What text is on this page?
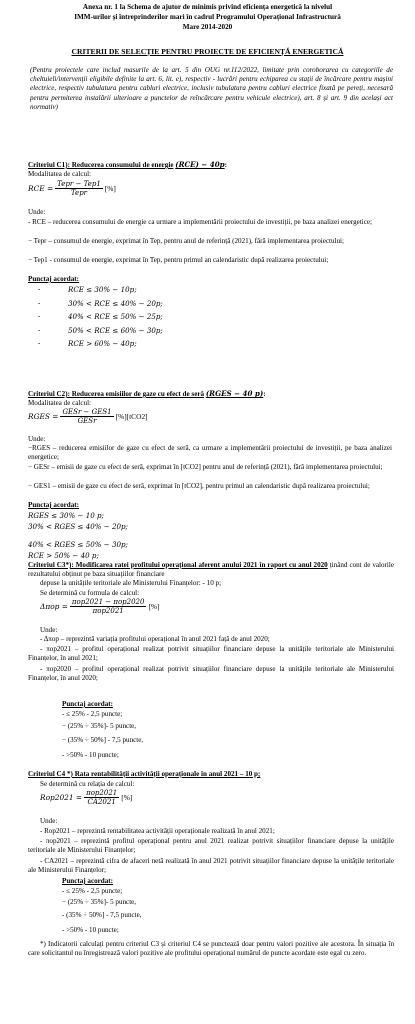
Anexa nr. 1 la Schema de ajutor de minimis privind eficiența energetică la nivelul
IMM-urilor și întreprinderilor mari în cadrul Programului Operațional Infrastructură
Mare 2014-2020
CRITERII DE SELECȚIE PENTRU PROIECTE DE EFICIENȚĂ ENERGETICĂ
(Pentru proiectele care includ masurile de la art. 5 din OUG nr.112/2022, limitate prin coroborarea cu categoriile de cheltuieli/intervenții eligibile definite la art. 6, lit. e), respectiv - lucrări pentru echiparea cu stații de încărcare pentru mașini electrice, respectiv tubulatura pentru cabluri electrice, inclusiv tubulatura pentru cabluri electrice fixată pe pereți, necesară pentru permiterea instalării ulterioare a punctelor de reîncărcare pentru vehicule electrice), art. 8 și art. 9 din același act normativ)
Criteriul C1): Reducerea consumului de energie (RCE) − 40p:
Modalitatea de calcul:
RCE = $\frac{\text{Tepr − Tep1}}{\text{Tepr}}$ [%]
Unde:
- RCE – reducerea consumului de energie ca urmare a implementării proiectului de investiții, pe baza analizei energetice;
− Tepr – consumul de energie, exprimat în Tep, pentru anul de referință (2021), fără implementarea proiectului;
− Tep1 - consumul de energie, exprimat în Tep, pentru primul an calendaristic după realizarea proiectului;
Punctaj acordat:
-	RCE ≤ 30% − 10p;
-	30% < RCE ≤ 40% − 20p;
-	40% < RCE ≤ 50% − 25p;
-	50% < RCE ≤ 60% − 30p;
-	RCE > 60% − 40p;
Criteriul C2): Reducerea emisiilor de gaze cu efect de seră (RGES − 40 p):
Modalitatea de calcul:
RGES = $\frac{\text{GESr − GES1}}{\text{GESr}} [\%][tCO2]$
Unde:
−RGES – reducerea emisiilor de gaze cu efect de seră, ca urmare a implementării proiectului de investiții, pe baza analizei energetice;
− GESr – emisii de gaze cu efect de seră, exprimat în [tCO2] pentru anul de referință (2021), fără implementarea proiectului;
− GES1 – emisii de gaze cu efect de seră, exprimat în [tCO2], pentru primul an calendaristic după realizarea proiectului;
Punctaj acordat:
RGES ≤ 30% − 10 p;
30% < RGES ≤ 40% − 20p;
40% < RGES ≤ 50% − 30p;
RCE > 50% − 40 p;
Criteriul C3*): Modificarea ratei profitului operațional aferent anului 2021 în raport cu anul 2020 ținând cont de valorile rezultatului obținut pe baza situațiilor financiare
depuse la unitățile teritoriale ale Ministerului Finanțelor: - 10 p;
Se determină cu formula de calcul:
$\Delta\pi op = \frac{\text{πop2021 − πop2020}}{\text{πop2021}}$ [%]
Unde:
- Δπop – reprezintă variația profitului operațional în anul 2021 față de anul 2020;
- πop2021 – profitul operațional realizat potrivit situațiilor financiare depuse la unitățile teritoriale ale Ministerului Finanțelor, în anul 2021;
- πop2020 – profitul operațional realizat potrivit situațiilor financiare depuse la unitățile teritoriale ale Ministerului Finanțelor, în anul 2020;
Punctaj acordat:
- ≤ 25% - 2,5 puncte;
− (25% ÷ 35%]- 5 puncte,
− (35% ÷ 50%] - 7,5 puncte,
- >50% - 10 puncte;
Criteriul C4 *) Rata rentabilității activității operaționale în anul 2021 – 10 p;
Se determină cu relația de calcul:
$Rop2021 = \frac{\text{πop2021}}{CA2021}$ [%]
Unde:
- Rop2021 – reprezintă rentabilitatea activității operaționale realizată în anul 2021;
- πop2021 – reprezintă profitul operațional pentru anul 2021 realizat potrivit situațiilor financiare depuse la unitățile teritoriale ale Ministerului Finanțelor;
- CA2021 – reprezintă cifra de afaceri netă realizată în anul 2021 potrivit situațiilor financiare depuse la unitățile teritoriale ale Ministerului Finanțelor;
Punctaj acordat:
- ≤ 25% - 2,5 puncte;
− (25% ÷ 35%]- 5 puncte,
- (35% ÷ 50%] - 7,5 puncte,
- >50% - 10 puncte;
*) Indicatorii calculați pentru criteriul C3 și criteriul C4 se punctează doar pentru valori pozitive ale acestora. În situația în care solicitantul nu înregistrează valori pozitive ale profitului operațional numărul de puncte acordate este egal cu zero.
